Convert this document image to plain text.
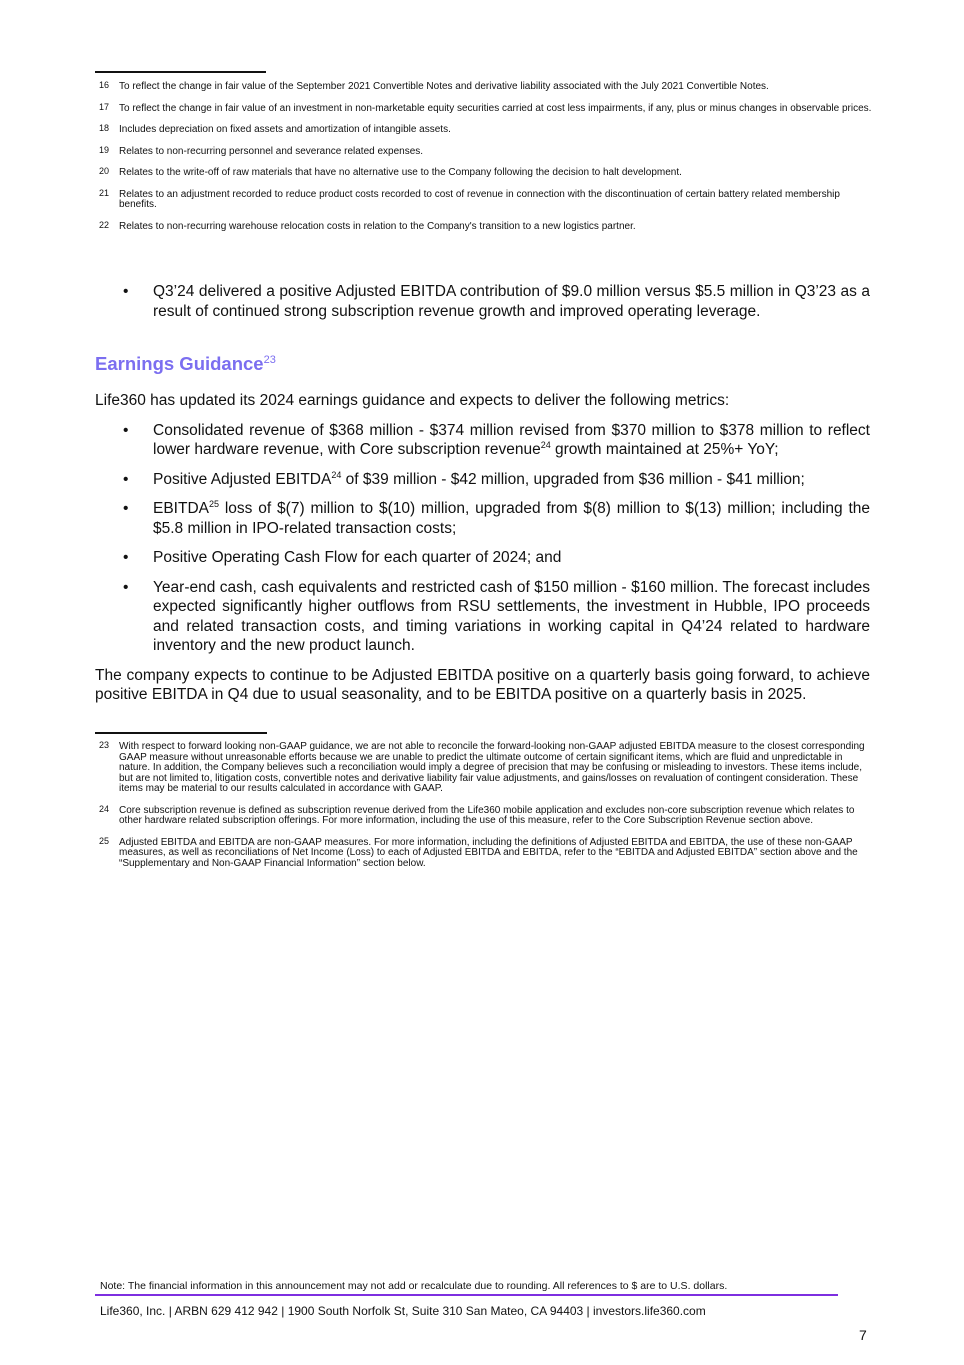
16 To reflect the change in fair value of the September 2021 Convertible Notes and derivative liability associated with the July 2021 Convertible Notes.
17 To reflect the change in fair value of an investment in non-marketable equity securities carried at cost less impairments, if any, plus or minus changes in observable prices.
18 Includes depreciation on fixed assets and amortization of intangible assets.
19 Relates to non-recurring personnel and severance related expenses.
20 Relates to the write-off of raw materials that have no alternative use to the Company following the decision to halt development.
21 Relates to an adjustment recorded to reduce product costs recorded to cost of revenue in connection with the discontinuation of certain battery related membership benefits.
22 Relates to non-recurring warehouse relocation costs in relation to the Company's transition to a new logistics partner.
• Q3’24 delivered a positive Adjusted EBITDA contribution of $9.0 million versus $5.5 million in Q3’23 as a result of continued strong subscription revenue growth and improved operating leverage.
Earnings Guidance$^{23}$
Life360 has updated its 2024 earnings guidance and expects to deliver the following metrics:
• Consolidated revenue of $368 million - $374 million revised from $370 million to $378 million to reflect lower hardware revenue, with Core subscription revenue$^{24}$ growth maintained at 25%+ YoY;
• Positive Adjusted EBITDA$^{24}$ of $39 million - $42 million, upgraded from $36 million - $41 million;
• EBITDA$^{25}$ loss of $(7) million to $(10) million, upgraded from $(8) million to $(13) million; including the $5.8 million in IPO-related transaction costs;
• Positive Operating Cash Flow for each quarter of 2024; and
• Year-end cash, cash equivalents and restricted cash of $150 million - $160 million. The forecast includes expected significantly higher outflows from RSU settlements, the investment in Hubble, IPO proceeds and related transaction costs, and timing variations in working capital in Q4’24 related to hardware inventory and the new product launch.
The company expects to continue to be Adjusted EBITDA positive on a quarterly basis going forward, to achieve positive EBITDA in Q4 due to usual seasonality, and to be EBITDA positive on a quarterly basis in 2025.
23 With respect to forward looking non-GAAP guidance, we are not able to reconcile the forward-looking non-GAAP adjusted EBITDA measure to the closest corresponding GAAP measure without unreasonable efforts because we are unable to predict the ultimate outcome of certain significant items, which are fluid and unpredictable in nature. In addition, the Company believes such a reconciliation would imply a degree of precision that may be confusing or misleading to investors. These items include, but are not limited to, litigation costs, convertible notes and derivative liability fair value adjustments, and gains/losses on revaluation of contingent consideration. These items may be material to our results calculated in accordance with GAAP.
24 Core subscription revenue is defined as subscription revenue derived from the Life360 mobile application and excludes non-core subscription revenue which relates to other hardware related subscription offerings. For more information, including the use of this measure, refer to the Core Subscription Revenue section above.
25 Adjusted EBITDA and EBITDA are non-GAAP measures. For more information, including the definitions of Adjusted EBITDA and EBITDA, the use of these non-GAAP measures, as well as reconciliations of Net Income (Loss) to each of Adjusted EBITDA and EBITDA, refer to the “EBITDA and Adjusted EBITDA” section above and the “Supplementary and Non-GAAP Financial Information” section below.
Note: The financial information in this announcement may not add or recalculate due to rounding. All references to $ are to U.S. dollars.
Life360, Inc. | ARBN 629 412 942 | 1900 South Norfolk St, Suite 310 San Mateo, CA 94403 | investors.life360.com
7
